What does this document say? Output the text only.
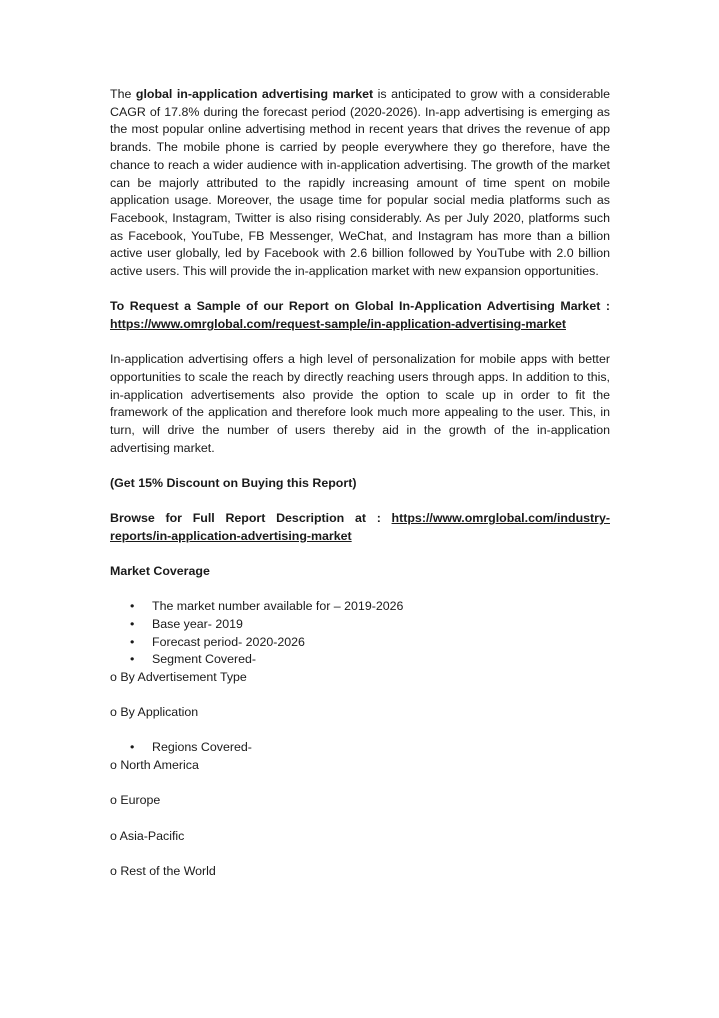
The global in-application advertising market is anticipated to grow with a considerable CAGR of 17.8% during the forecast period (2020-2026). In-app advertising is emerging as the most popular online advertising method in recent years that drives the revenue of app brands. The mobile phone is carried by people everywhere they go therefore, have the chance to reach a wider audience with in-application advertising. The growth of the market can be majorly attributed to the rapidly increasing amount of time spent on mobile application usage. Moreover, the usage time for popular social media platforms such as Facebook, Instagram, Twitter is also rising considerably. As per July 2020, platforms such as Facebook, YouTube, FB Messenger, WeChat, and Instagram has more than a billion active user globally, led by Facebook with 2.6 billion followed by YouTube with 2.0 billion active users. This will provide the in-application market with new expansion opportunities.

To Request a Sample of our Report on Global In-Application Advertising Market : https://www.omrglobal.com/request-sample/in-application-advertising-market

In-application advertising offers a high level of personalization for mobile apps with better opportunities to scale the reach by directly reaching users through apps. In addition to this, in-application advertisements also provide the option to scale up in order to fit the framework of the application and therefore look much more appealing to the user. This, in turn, will drive the number of users thereby aid in the growth of the in-application advertising market.

(Get 15% Discount on Buying this Report)

Browse for Full Report Description at : https://www.omrglobal.com/industry-reports/in-application-advertising-market

Market Coverage

• The market number available for – 2019-2026
• Base year- 2019
• Forecast period- 2020-2026
• Segment Covered-

o By Advertisement Type

o By Application

• Regions Covered-

o North America

o Europe

o Asia-Pacific

o Rest of the World
